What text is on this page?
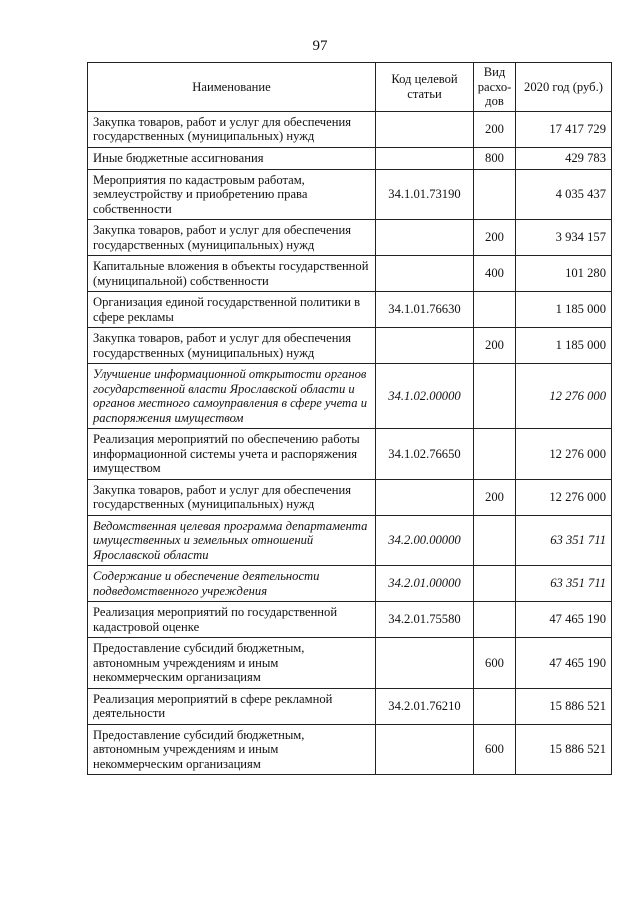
97
Наименование	Код целевой статьи	Вид расхо-дов	2020 год (руб.)
Закупка товаров, работ и услуг для обеспечения государственных (муниципальных) нужд		200	17 417 729
Иные бюджетные ассигнования		800	429 783
Мероприятия по кадастровым работам, землеустройству и приобретению права собственности	34.1.01.73190		4 035 437
Закупка товаров, работ и услуг для обеспечения государственных (муниципальных) нужд		200	3 934 157
Капитальные вложения в объекты государственной (муниципальной) собственности		400	101 280
Организация единой государственной политики в сфере рекламы	34.1.01.76630		1 185 000
Закупка товаров, работ и услуг для обеспечения государственных (муниципальных) нужд		200	1 185 000
Улучшение информационной открытости органов государственной власти Ярославской области и органов местного самоуправления в сфере учета и распоряжения имуществом	34.1.02.00000		12 276 000
Реализация мероприятий по обеспечению работы информационной системы учета и распоряжения имуществом	34.1.02.76650		12 276 000
Закупка товаров, работ и услуг для обеспечения государственных (муниципальных) нужд		200	12 276 000
Ведомственная целевая программа департамента имущественных и земельных отношений Ярославской области	34.2.00.00000		63 351 711
Содержание и обеспечение деятельности подведомственного учреждения	34.2.01.00000		63 351 711
Реализация мероприятий по государственной кадастровой оценке	34.2.01.75580		47 465 190
Предоставление субсидий бюджетным, автономным учреждениям и иным некоммерческим организациям		600	47 465 190
Реализация мероприятий в сфере рекламной деятельности	34.2.01.76210		15 886 521
Предоставление субсидий бюджетным, автономным учреждениям и иным некоммерческим организациям		600	15 886 521
